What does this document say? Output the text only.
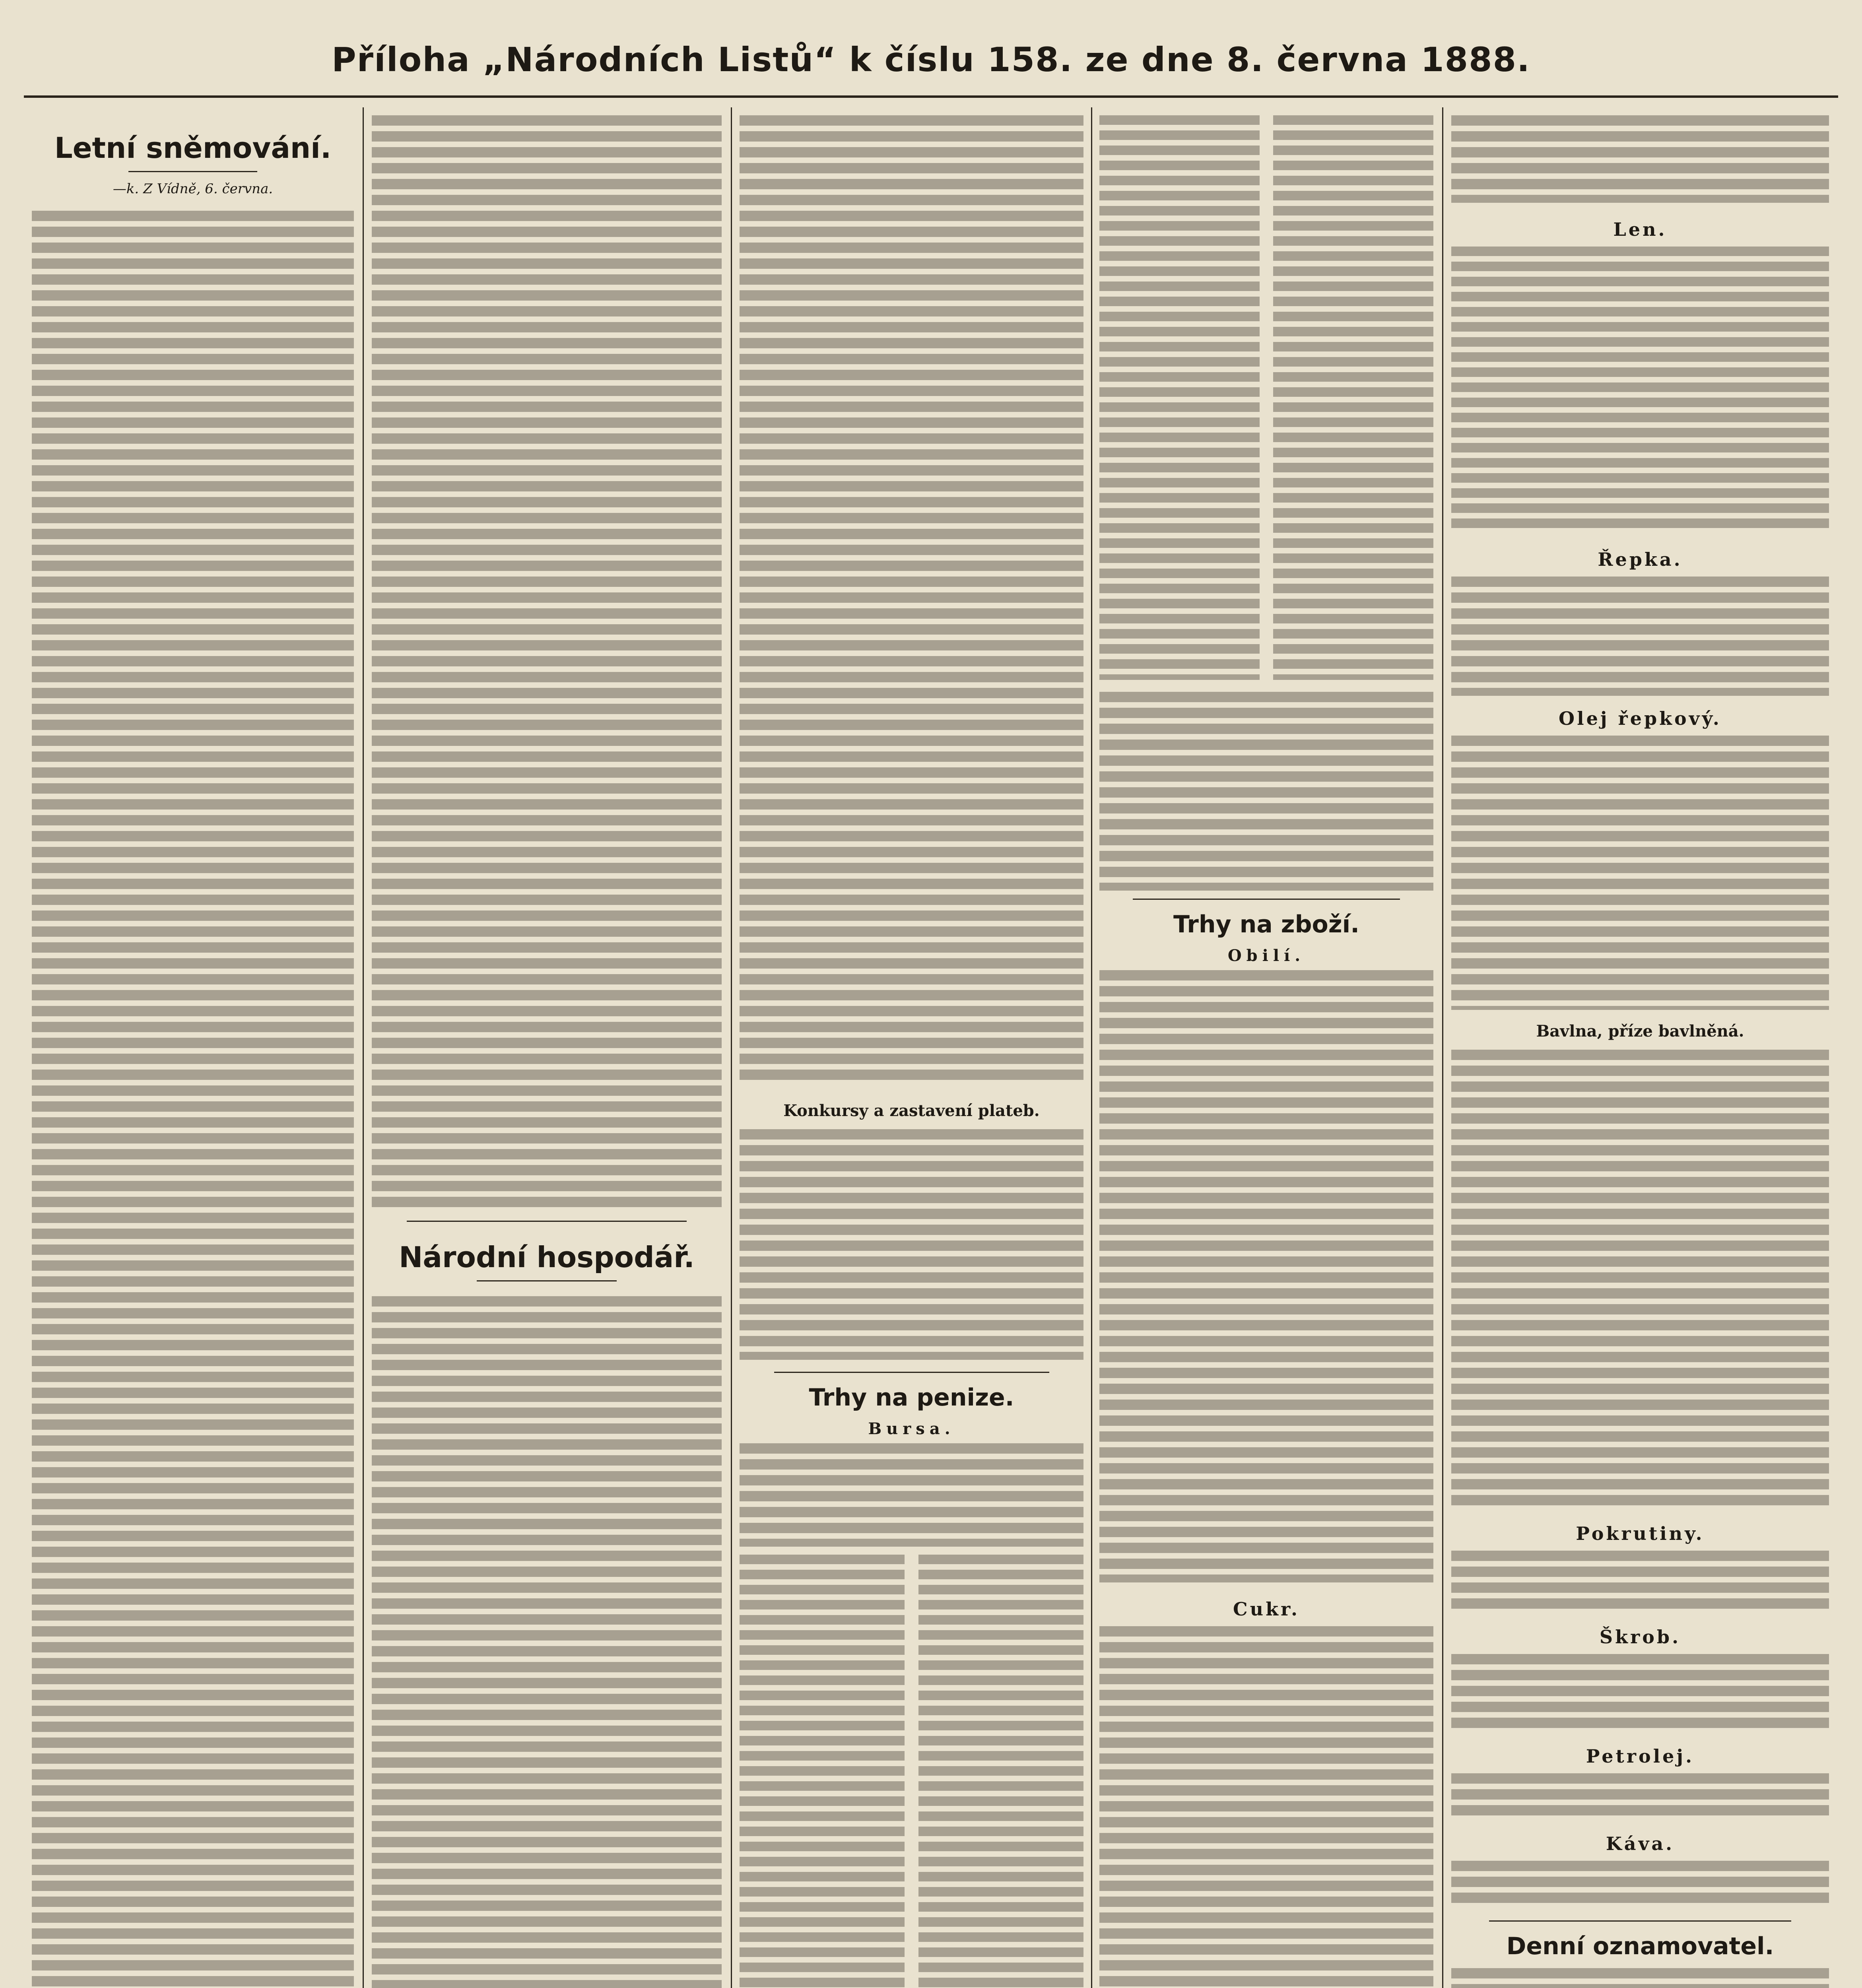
Příloha „Národních Listů“ k číslu 158. ze dne 8. června 1888.
Letní sněmování.
—k. Z Vídně, 6. června.
Národní hospodář.
Konkursy a zastavení plateb.
Trhy na penize.
Bursa.
Trhy na zboží.
Obilí.
Cukr.
Len.
Řepka.
Olej řepkový.
Bavlna, příze bavlněná.
Pokrutiny.
Škrob.
Petrolej.
Káva.
Denní oznamovatel.
